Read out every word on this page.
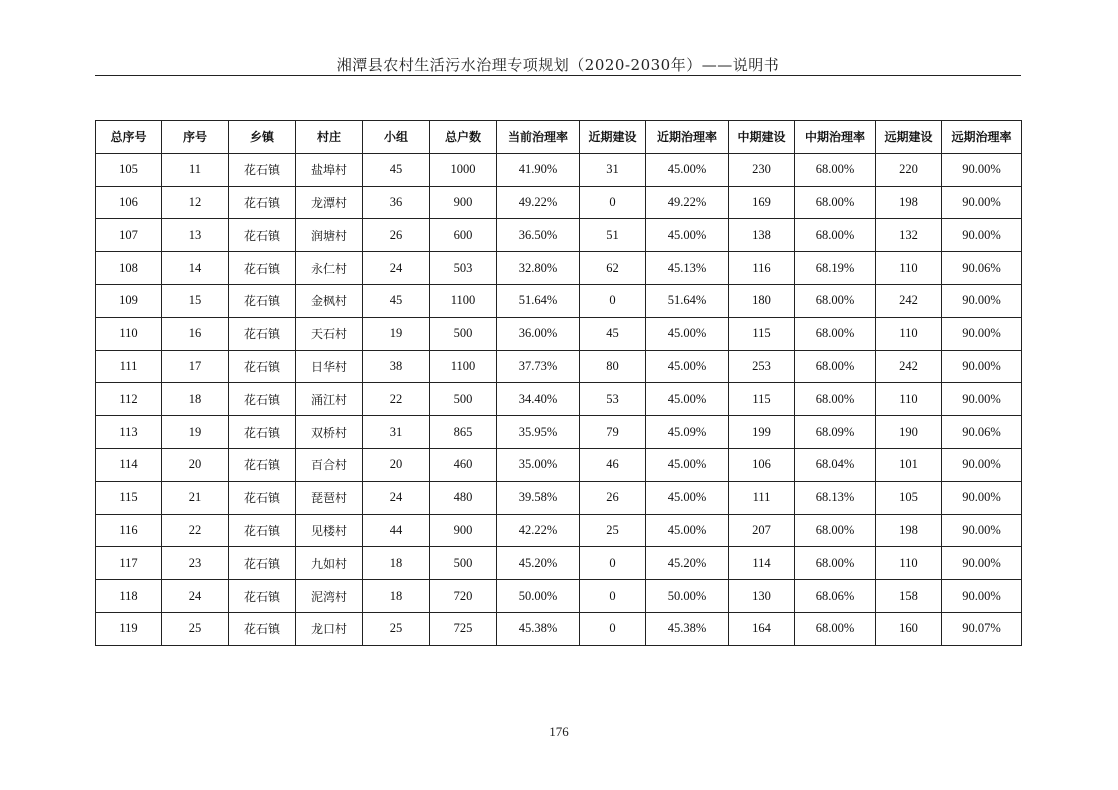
湘潭县农村生活污水治理专项规划（2020-2030年）——说明书
总序号	序号	乡镇	村庄	小组	总户数	当前治理率	近期建设	近期治理率	中期建设	中期治理率	远期建设	远期治理率
105	11	花石镇	盐埠村	45	1000	41.90%	31	45.00%	230	68.00%	220	90.00%
106	12	花石镇	龙潭村	36	900	49.22%	0	49.22%	169	68.00%	198	90.00%
107	13	花石镇	润塘村	26	600	36.50%	51	45.00%	138	68.00%	132	90.00%
108	14	花石镇	永仁村	24	503	32.80%	62	45.13%	116	68.19%	110	90.06%
109	15	花石镇	金枫村	45	1100	51.64%	0	51.64%	180	68.00%	242	90.00%
110	16	花石镇	天石村	19	500	36.00%	45	45.00%	115	68.00%	110	90.00%
111	17	花石镇	日华村	38	1100	37.73%	80	45.00%	253	68.00%	242	90.00%
112	18	花石镇	涌江村	22	500	34.40%	53	45.00%	115	68.00%	110	90.00%
113	19	花石镇	双桥村	31	865	35.95%	79	45.09%	199	68.09%	190	90.06%
114	20	花石镇	百合村	20	460	35.00%	46	45.00%	106	68.04%	101	90.00%
115	21	花石镇	琵琶村	24	480	39.58%	26	45.00%	111	68.13%	105	90.00%
116	22	花石镇	见楼村	44	900	42.22%	25	45.00%	207	68.00%	198	90.00%
117	23	花石镇	九如村	18	500	45.20%	0	45.20%	114	68.00%	110	90.00%
118	24	花石镇	泥湾村	18	720	50.00%	0	50.00%	130	68.06%	158	90.00%
119	25	花石镇	龙口村	25	725	45.38%	0	45.38%	164	68.00%	160	90.07%
176
